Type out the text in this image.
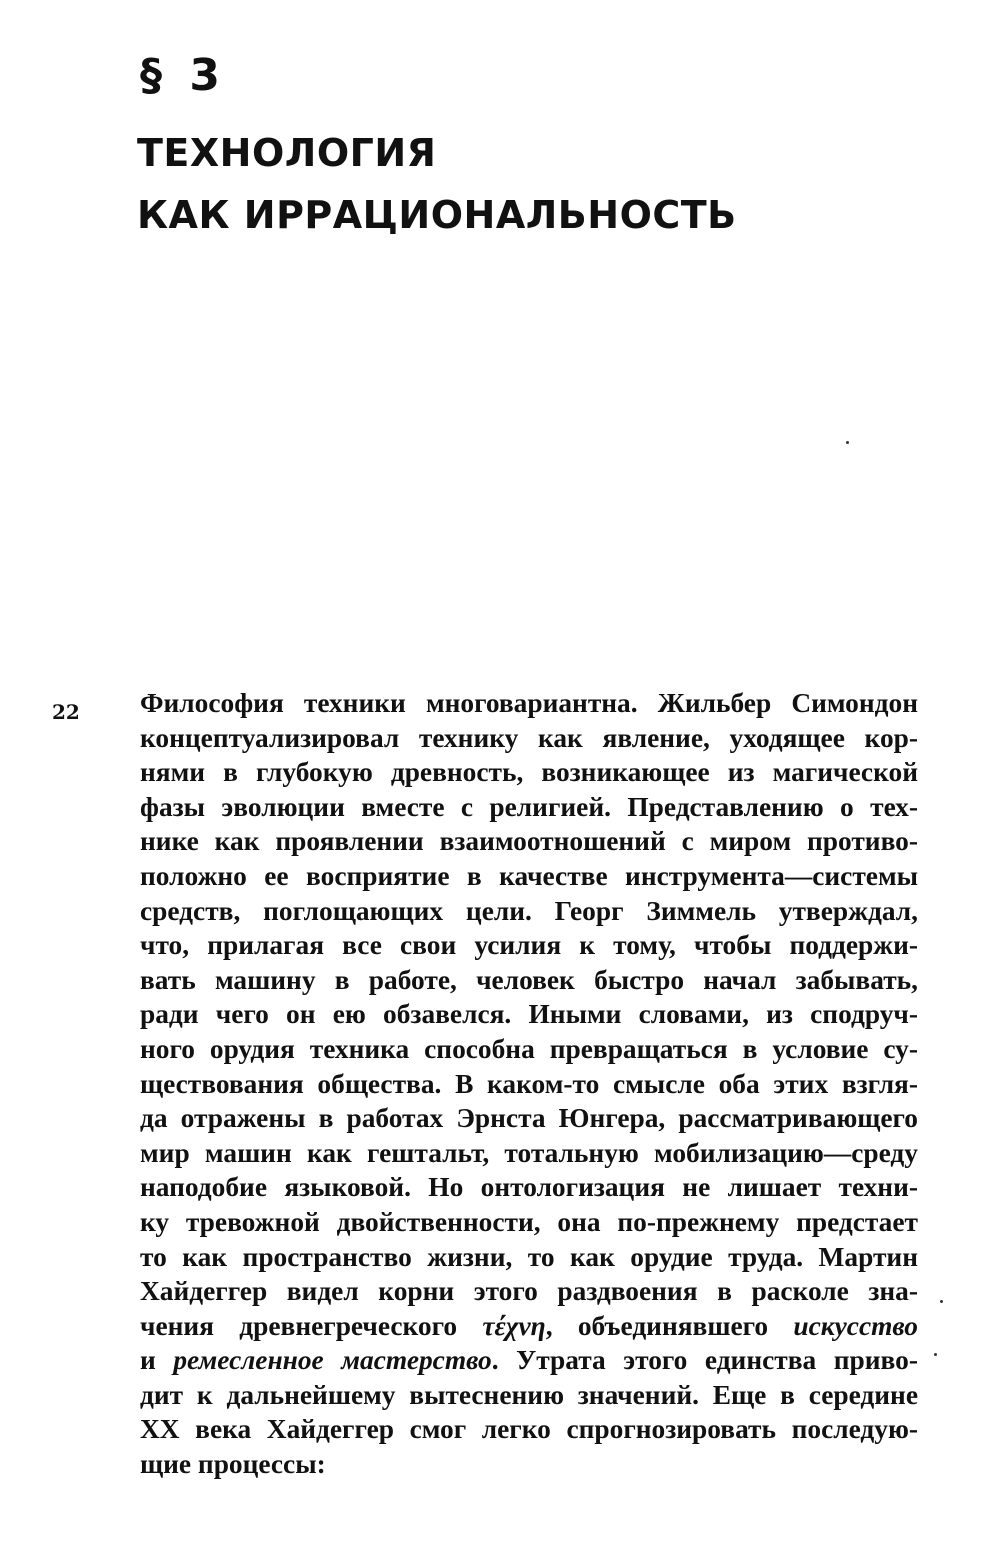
§ 3
ТЕХНОЛОГИЯ
КАК ИРРАЦИОНАЛЬНОСТЬ
22 Философия техники многовариантна. Жильбер Симондон
концептуализировал технику как явление, уходящее кор-
нями в глубокую древность, возникающее из магической
фазы эволюции вместе с религией. Представлению о тех-
нике как проявлении взаимоотношений с миром противо-
положно ее восприятие в качестве инструмента—системы
средств, поглощающих цели. Георг Зиммель утверждал,
что, прилагая все свои усилия к тому, чтобы поддержи-
вать машину в работе, человек быстро начал забывать,
ради чего он ею обзавелся. Иными словами, из сподруч-
ного орудия техника способна превращаться в условие су-
ществования общества. В каком-то смысле оба этих взгля-
да отражены в работах Эрнста Юнгера, рассматривающего
мир машин как гештальт, тотальную мобилизацию—среду
наподобие языковой. Но онтологизация не лишает техни-
ку тревожной двойственности, она по-прежнему предстает
то как пространство жизни, то как орудие труда. Мартин
Хайдеггер видел корни этого раздвоения в расколе зна-
чения древнегреческого τέχνη, объединявшего искусство
и ремесленное мастерство. Утрата этого единства приво-
дит к дальнейшему вытеснению значений. Еще в середине
XX века Хайдеггер смог легко спрогнозировать последую-
щие процессы:
